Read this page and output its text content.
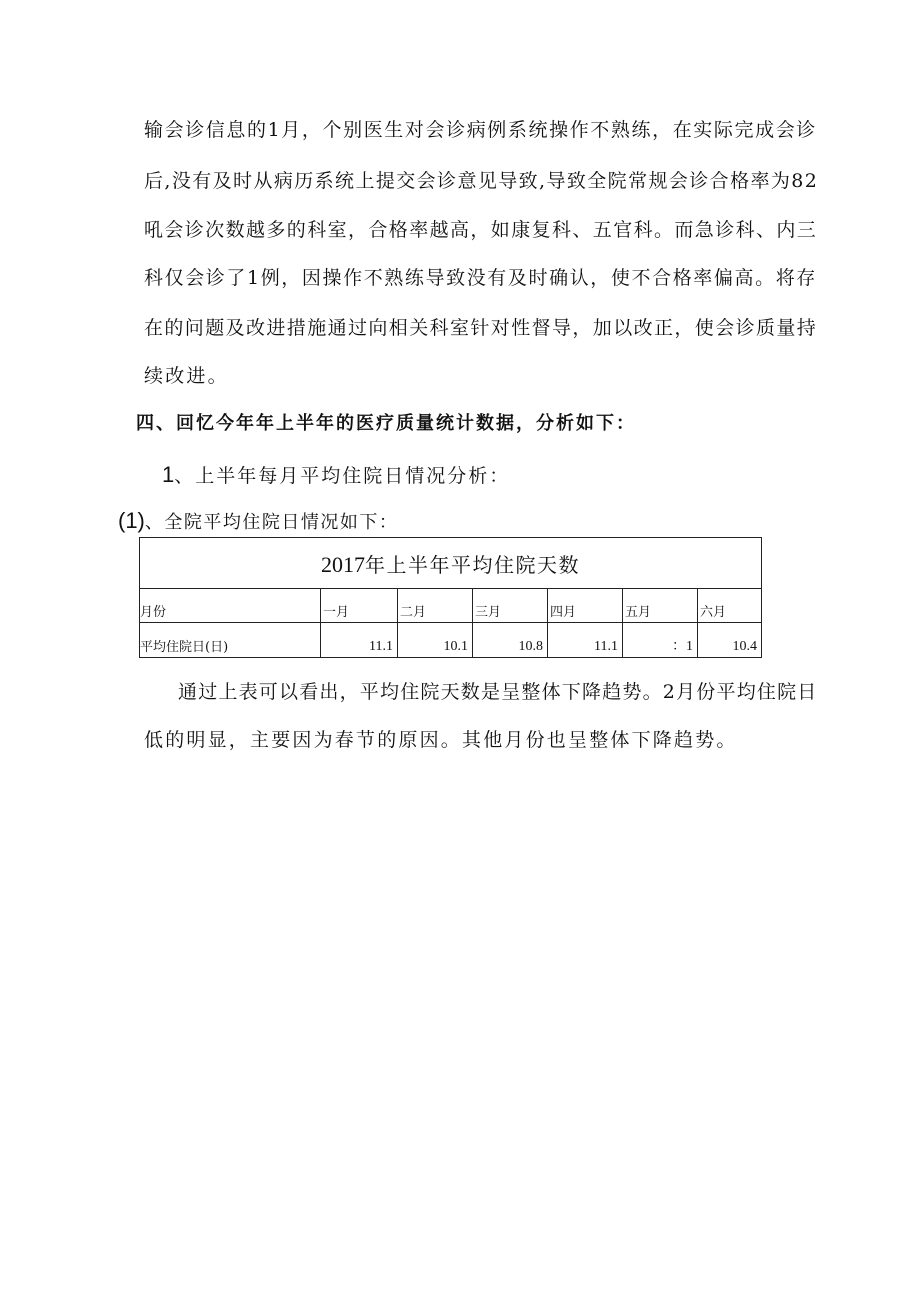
输会诊信息的1月，个别医生对会诊病例系统操作不熟练，在实际完成会诊
后,没有及时从病历系统上提交会诊意见导致,导致全院常规会诊合格率为82
吼会诊次数越多的科室，合格率越高，如康复科、五官科。而急诊科、内三
科仅会诊了1例，因操作不熟练导致没有及时确认，使不合格率偏高。将存
在的问题及改进措施通过向相关科室针对性督导，加以改正，使会诊质量持
续改进。
四、回忆今年年上半年的医疗质量统计数据，分析如下：
1、上半年每月平均住院日情况分析：
(1)、全院平均住院日情况如下：
2017年上半年平均住院天数						
月份	一月	二月	三月	四月	五月	六月
平均住院日(日)	11.1	10.1	10.8	11.1	：1	10.4
通过上表可以看出，平均住院天数是呈整体下降趋势。2月份平均住院日
低的明显，主要因为春节的原因。其他月份也呈整体下降趋势。
